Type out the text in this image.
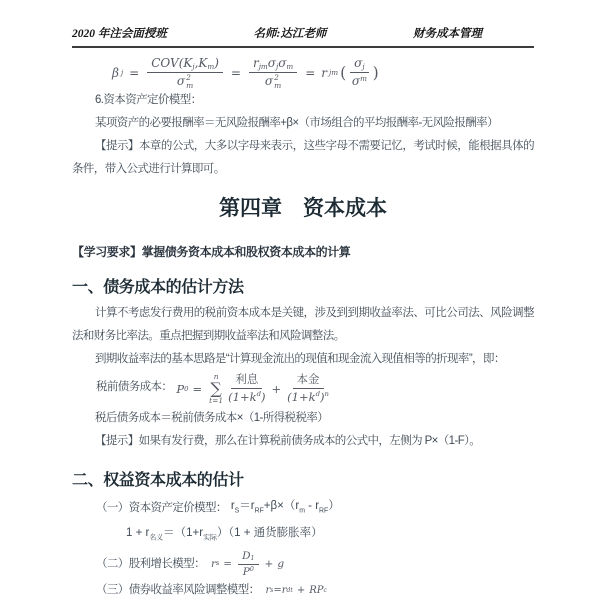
2020 年注会面授班	名师:达江老师	财务成本管理
β $j = COV(K_j$ $,K_m$ )
σ 2
$m = r_{jm}$ $\sigma_j$ $\sigma_m$
σ 2
m = r jm ( $\frac{\sigma_j}{\sigma^m}$ )

6.资本资产定价模型：

某项资产的必要报酬率＝无风险报酬率+β×（市场组合的平均报酬率-无风险报酬率）

【提示】本章的公式，大多以字母来表示，这些字母不需要记忆，考试时候，能根据具体的条件，带入公式进行计算即可。

第四章　资本成本
【学习要求】掌握债务资本成本和股权资本成本的计算
一、债务成本的估计方法

计算不考虑发行费用的税前资本成本是关键，涉及到到期收益率法、可比公司法、风险调整法和财务比率法。重点把握到期收益率法和风险调整法。

到期收益率法的基本思路是“计算现金流出的现值和现金流入现值相等的折现率”，即：

税前债务成本： P 0 =
n
∑
$t=1 \frac{\text{利息}}{(1+k^d )} + \frac{\text{本金}}{(1+k^d )^n}$

税后债务成本＝税前债务成本×（1-所得税税率）

【提示】如果有发行费，那么在计算税前债务成本的公式中，左侧为 P×（1-F）。

二、权益资本成本的估计

（一）资本资产定价模型： $r_S=r_{RF}+\beta\times(r_m - r_{RF})$

$1 + r_{名义}=(1+r_{实际})(1$ + 通货膨胀率）

（二）股利增长模型： r $s = \frac{D_1}{P^0} + g$

（三）债券收益率风险调整模型： r s = r dt + RP c
